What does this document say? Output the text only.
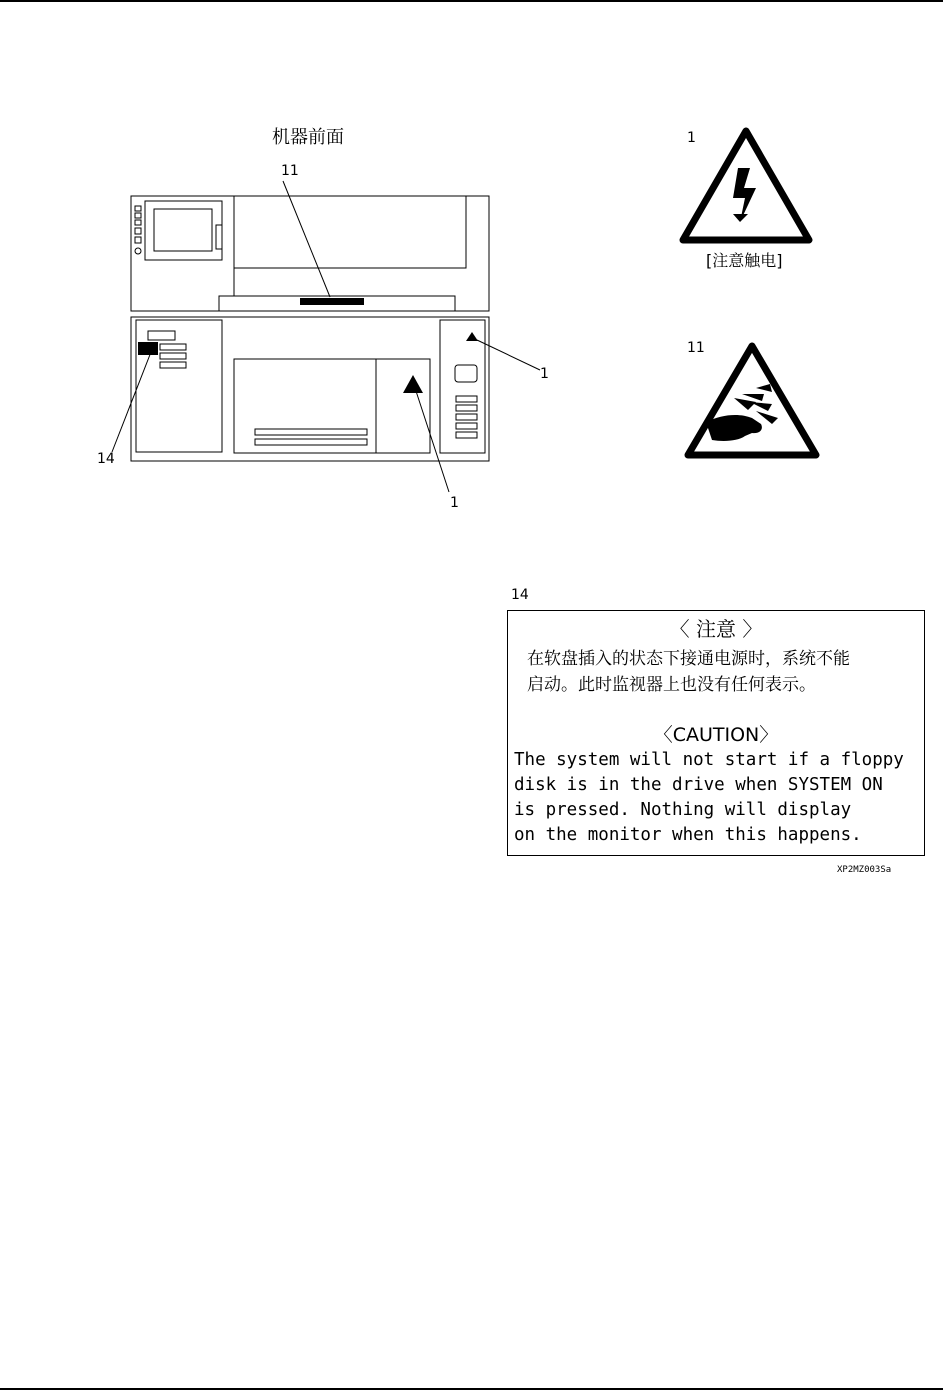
机器前面
11
14
1
1
1
[注意触电]
11
14
〈 注意 〉
在软盘插入的状态下接通电源时，系统不能
启动。此时监视器上也没有任何表示。
〈CAUTION〉
The system will not start if a floppy
disk is in the drive when SYSTEM ON
is pressed. Nothing will display
on the monitor when this happens.
XP2MZ003Sa
